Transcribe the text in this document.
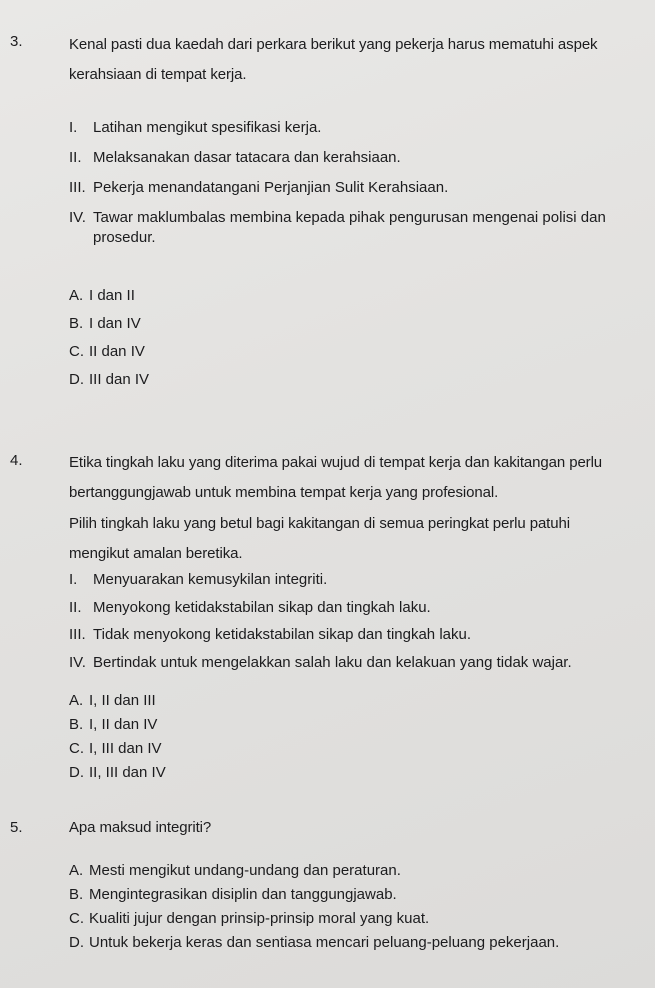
3.	Kenal pasti dua kaedah dari perkara berikut yang pekerja harus mematuhi aspek

kerahsiaan di tempat kerja.

I. Latihan mengikut spesifikasi kerja.
II. Melaksanakan dasar tatacara dan kerahsiaan.
III. Pekerja menandatangani Perjanjian Sulit Kerahsiaan.
IV. Tawar maklumbalas membina kepada pihak pengurusan mengenai polisi dan
prosedur.
A. I dan II
B. I dan IV
C. II dan IV
D. III dan IV
4.	Etika tingkah laku yang diterima pakai wujud di tempat kerja dan kakitangan perlu

bertanggungjawab untuk membina tempat kerja yang profesional.

Pilih tingkah laku yang betul bagi kakitangan di semua peringkat perlu patuhi

mengikut amalan beretika.

I. Menyuarakan kemusykilan integriti.
II. Menyokong ketidakstabilan sikap dan tingkah laku.
III. Tidak menyokong ketidakstabilan sikap dan tingkah laku.
IV. Bertindak untuk mengelakkan salah laku dan kelakuan yang tidak wajar.
A. I, II dan III
B. I, II dan IV
C. I, III dan IV
D. II, III dan IV
5.	Apa maksud integriti?

A. Mesti mengikut undang-undang dan peraturan.
B. Mengintegrasikan disiplin dan tanggungjawab.
C. Kualiti jujur dengan prinsip-prinsip moral yang kuat.
D. Untuk bekerja keras dan sentiasa mencari peluang-peluang pekerjaan.
